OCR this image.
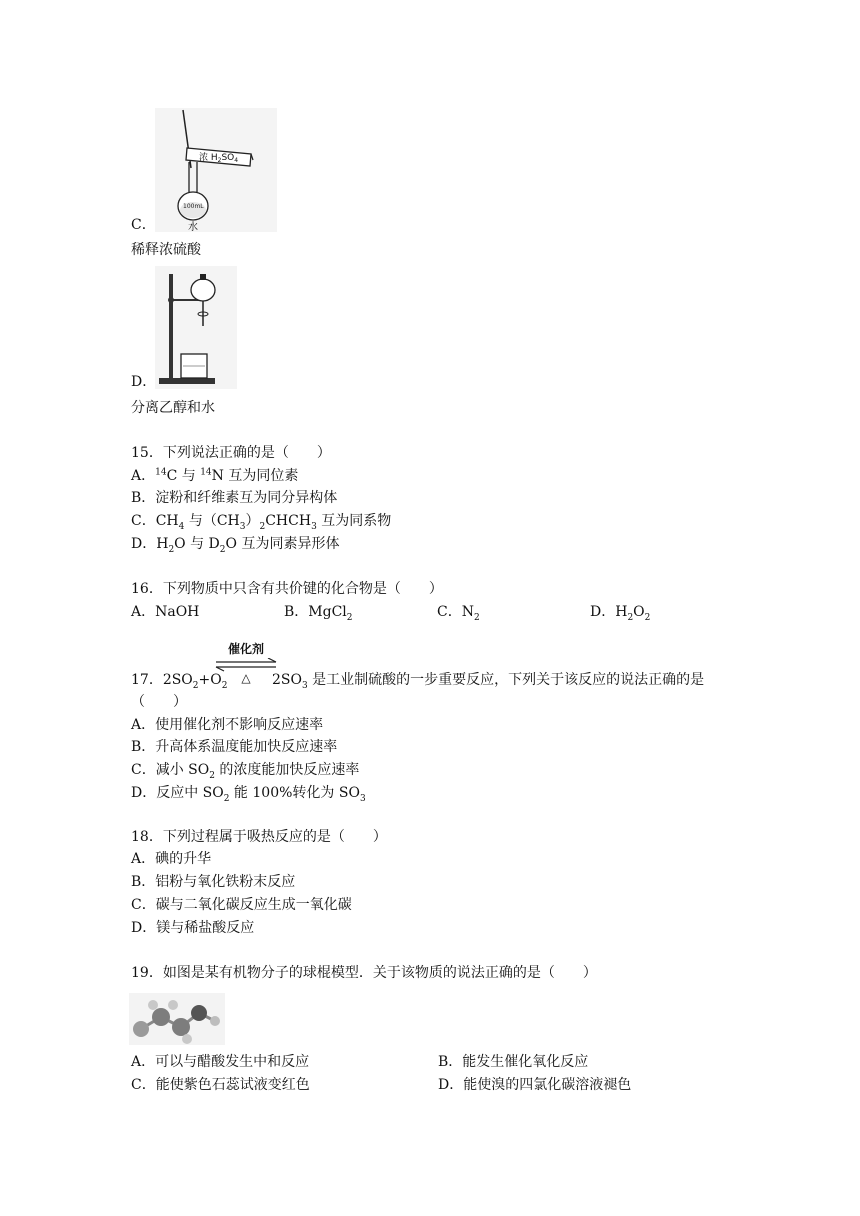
浓 $H_2SO_4$
100mL
水
C．
稀释浓硫酸
D．
分离乙醇和水
15．下列说法正确的是（　　）
A．$^{14}$C 与 $^{14}$N 互为同位素
B．淀粉和纤维素互为同分异构体
C．$CH_4$ 与$(CH_3)_2CHCH_3$ 互为同系物
D．$H_2O$ 与 $D_2O$ 互为同素异形体
16．下列物质中只含有共价键的化合物是（　　）
A．NaOH	B．MgCl$_2$	C．$N_2$	D．$H_2O_2$
17．$2SO_2+O_2$
催化剂
△	$2SO_3$ 是工业制硫酸的一步重要反应，下列关于该反应的说法正确的是
（　　）
A．使用催化剂不影响反应速率
B．升高体系温度能加快反应速率
C．减小 $SO_2$ 的浓度能加快反应速率
D．反应中 $SO_2$ 能 100%转化为 $SO_3$
18．下列过程属于吸热反应的是（　　）
A．碘的升华
B．铝粉与氧化铁粉末反应
C．碳与二氧化碳反应生成一氧化碳
D．镁与稀盐酸反应
19．如图是某有机物分子的球棍模型．关于该物质的说法正确的是（　　）
A．可以与醋酸发生中和反应	B．能发生催化氧化反应
C．能使紫色石蕊试液变红色	D．能使溴的四氯化碳溶液褪色
